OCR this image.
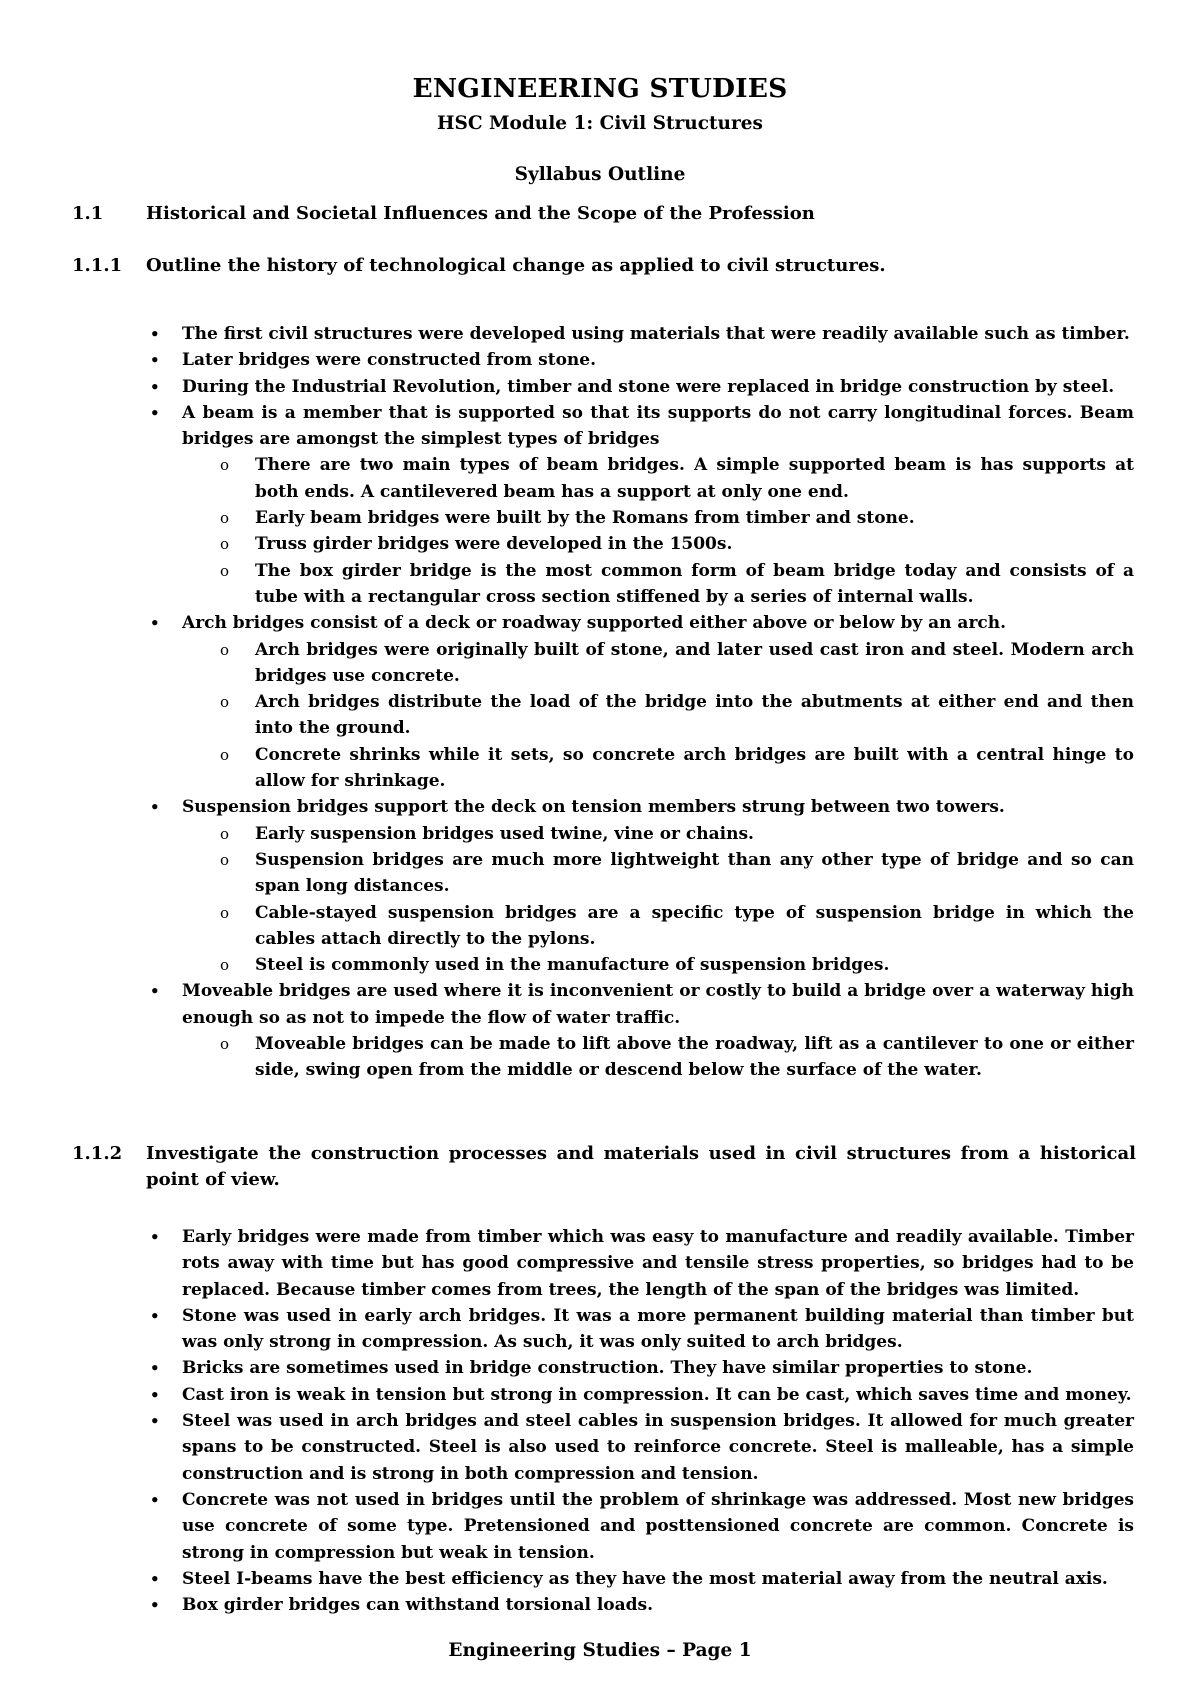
ENGINEERING STUDIES
HSC Module 1: Civil Structures
Syllabus Outline
1.1 Historical and Societal Influences and the Scope of the Profession
1.1.1 Outline the history of technological change as applied to civil structures.
• The first civil structures were developed using materials that were readily available such as timber.
• Later bridges were constructed from stone.
• During the Industrial Revolution, timber and stone were replaced in bridge construction by steel.
• A beam is a member that is supported so that its supports do not carry longitudinal forces. Beam bridges are amongst the simplest types of bridges
o There are two main types of beam bridges. A simple supported beam is has supports at both ends. A cantilevered beam has a support at only one end.
o Early beam bridges were built by the Romans from timber and stone.
o Truss girder bridges were developed in the 1500s.
o The box girder bridge is the most common form of beam bridge today and consists of a tube with a rectangular cross section stiffened by a series of internal walls.
• Arch bridges consist of a deck or roadway supported either above or below by an arch.
o Arch bridges were originally built of stone, and later used cast iron and steel. Modern arch bridges use concrete.
o Arch bridges distribute the load of the bridge into the abutments at either end and then into the ground.
o Concrete shrinks while it sets, so concrete arch bridges are built with a central hinge to allow for shrinkage.
• Suspension bridges support the deck on tension members strung between two towers.
o Early suspension bridges used twine, vine or chains.
o Suspension bridges are much more lightweight than any other type of bridge and so can span long distances.
o Cable-stayed suspension bridges are a specific type of suspension bridge in which the cables attach directly to the pylons.
o Steel is commonly used in the manufacture of suspension bridges.
• Moveable bridges are used where it is inconvenient or costly to build a bridge over a waterway high enough so as not to impede the flow of water traffic.
o Moveable bridges can be made to lift above the roadway, lift as a cantilever to one or either side, swing open from the middle or descend below the surface of the water.
1.1.2 Investigate the construction processes and materials used in civil structures from a historical point of view.
• Early bridges were made from timber which was easy to manufacture and readily available. Timber rots away with time but has good compressive and tensile stress properties, so bridges had to be replaced. Because timber comes from trees, the length of the span of the bridges was limited.
• Stone was used in early arch bridges. It was a more permanent building material than timber but was only strong in compression. As such, it was only suited to arch bridges.
• Bricks are sometimes used in bridge construction. They have similar properties to stone.
• Cast iron is weak in tension but strong in compression. It can be cast, which saves time and money.
• Steel was used in arch bridges and steel cables in suspension bridges. It allowed for much greater spans to be constructed. Steel is also used to reinforce concrete. Steel is malleable, has a simple construction and is strong in both compression and tension.
• Concrete was not used in bridges until the problem of shrinkage was addressed. Most new bridges use concrete of some type. Pretensioned and posttensioned concrete are common. Concrete is strong in compression but weak in tension.
• Steel I-beams have the best efficiency as they have the most material away from the neutral axis.
• Box girder bridges can withstand torsional loads.
Engineering Studies – Page 1
